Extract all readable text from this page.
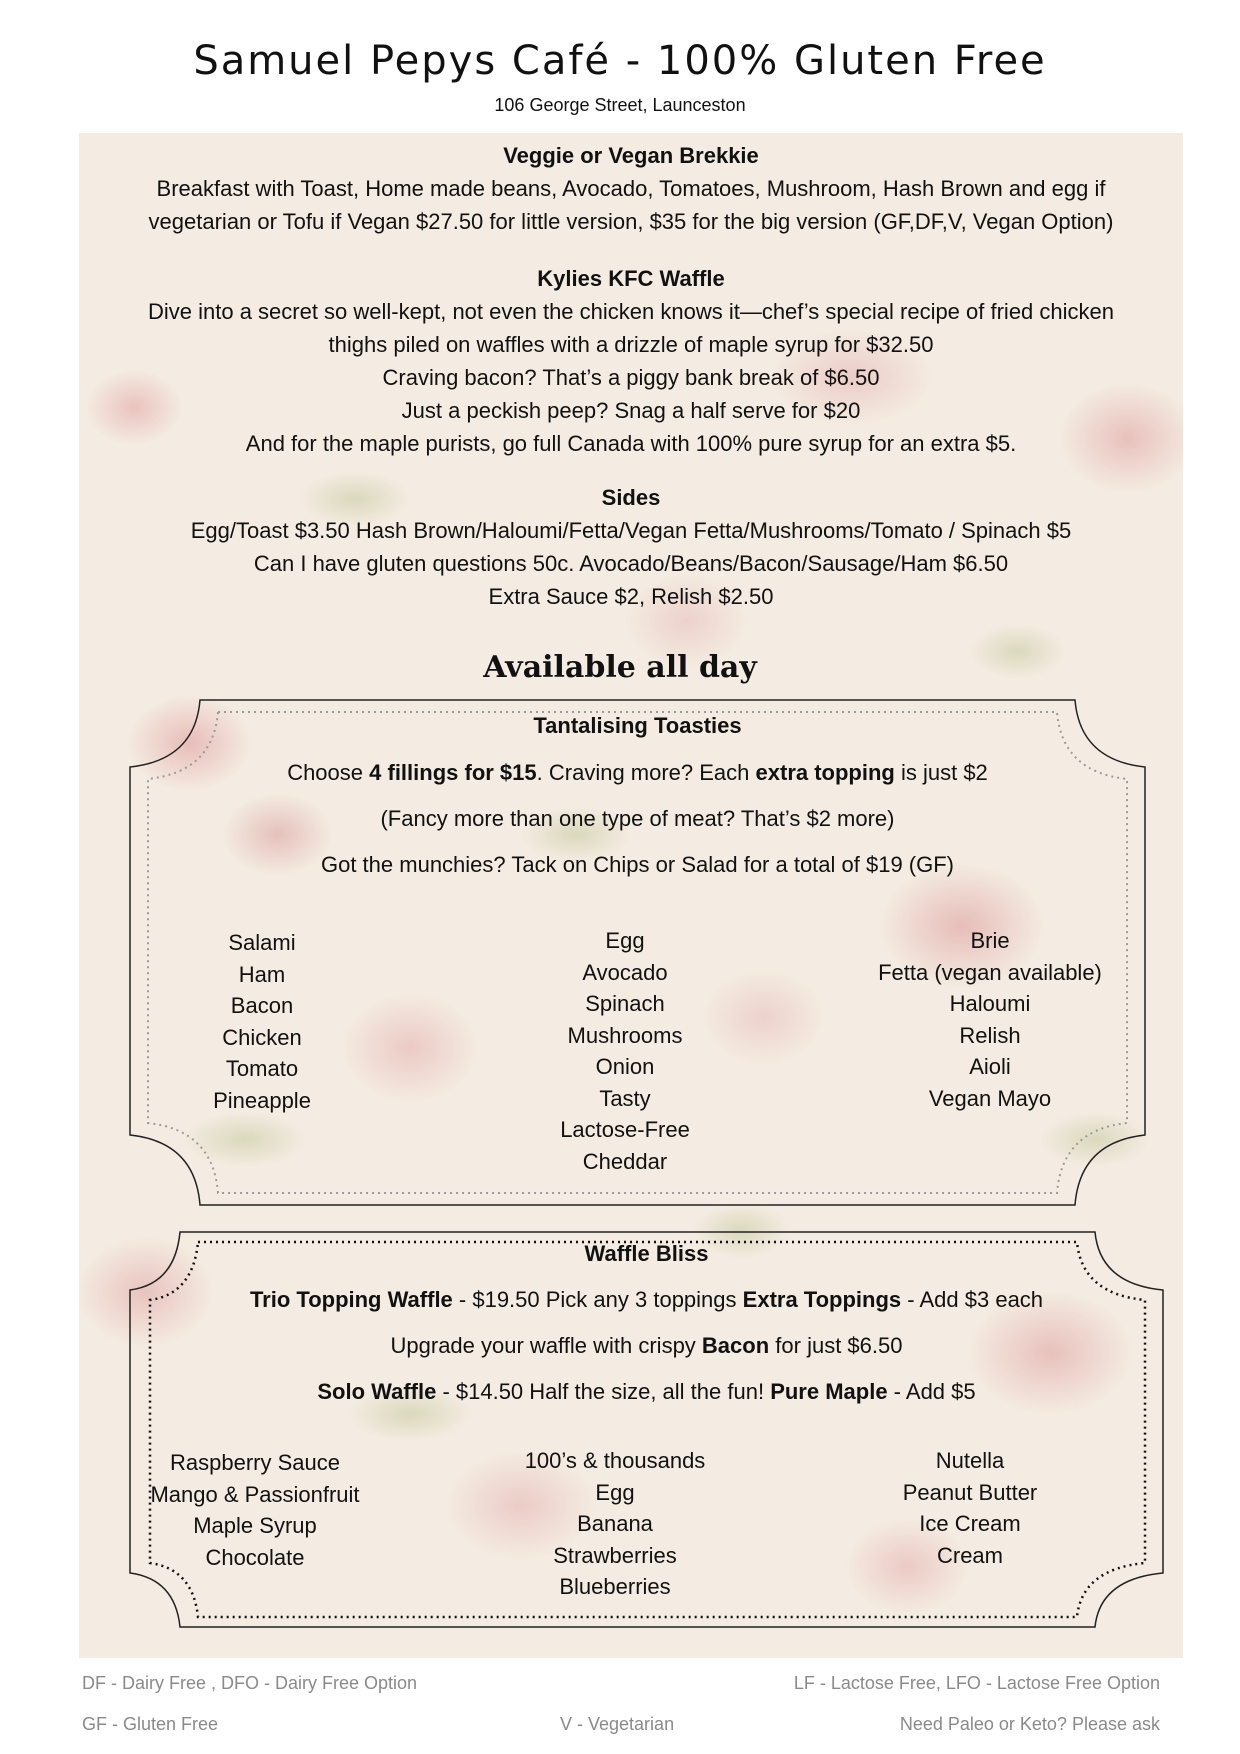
Samuel Pepys Café - 100% Gluten Free
106 George Street, Launceston
Veggie or Vegan Brekkie
Breakfast with Toast, Home made beans, Avocado, Tomatoes, Mushroom, Hash Brown and egg if
vegetarian or Tofu if Vegan $27.50 for little version, $35 for the big version (GF,DF,V, Vegan Option)
Kylies KFC Waffle
Dive into a secret so well-kept, not even the chicken knows it—chef’s special recipe of fried chicken
thighs piled on waffles with a drizzle of maple syrup for $32.50
Craving bacon? That’s a piggy bank break of $6.50
Just a peckish peep? Snag a half serve for $20
And for the maple purists, go full Canada with 100% pure syrup for an extra $5.
Sides
Egg/Toast $3.50 Hash Brown/Haloumi/Fetta/Vegan Fetta/Mushrooms/Tomato / Spinach $5
Can I have gluten questions 50c. Avocado/Beans/Bacon/Sausage/Ham $6.50
Extra Sauce $2, Relish $2.50
Available all day
Tantalising Toasties
Choose 4 fillings for $15. Craving more? Each extra topping is just $2
(Fancy more than one type of meat? That’s $2 more)
Got the munchies? Tack on Chips or Salad for a total of $19 (GF)
Salami
Ham
Bacon
Chicken
Tomato
Pineapple
Egg
Avocado
Spinach
Mushrooms
Onion
Tasty
Lactose-Free
Cheddar
Brie
Fetta (vegan available)
Haloumi
Relish
Aioli
Vegan Mayo
Waffle Bliss
Trio Topping Waffle - $19.50 Pick any 3 toppings Extra Toppings - Add $3 each
Upgrade your waffle with crispy Bacon for just $6.50
Solo Waffle - $14.50 Half the size, all the fun! Pure Maple - Add $5
Raspberry Sauce
Mango & Passionfruit
Maple Syrup
Chocolate
100’s & thousands
Egg
Banana
Strawberries
Blueberries
Nutella
Peanut Butter
Ice Cream
Cream
DF - Dairy Free , DFO - Dairy Free Option	LF - Lactose Free, LFO - Lactose Free Option
GF - Gluten Free	V - Vegetarian	Need Paleo or Keto? Please ask
